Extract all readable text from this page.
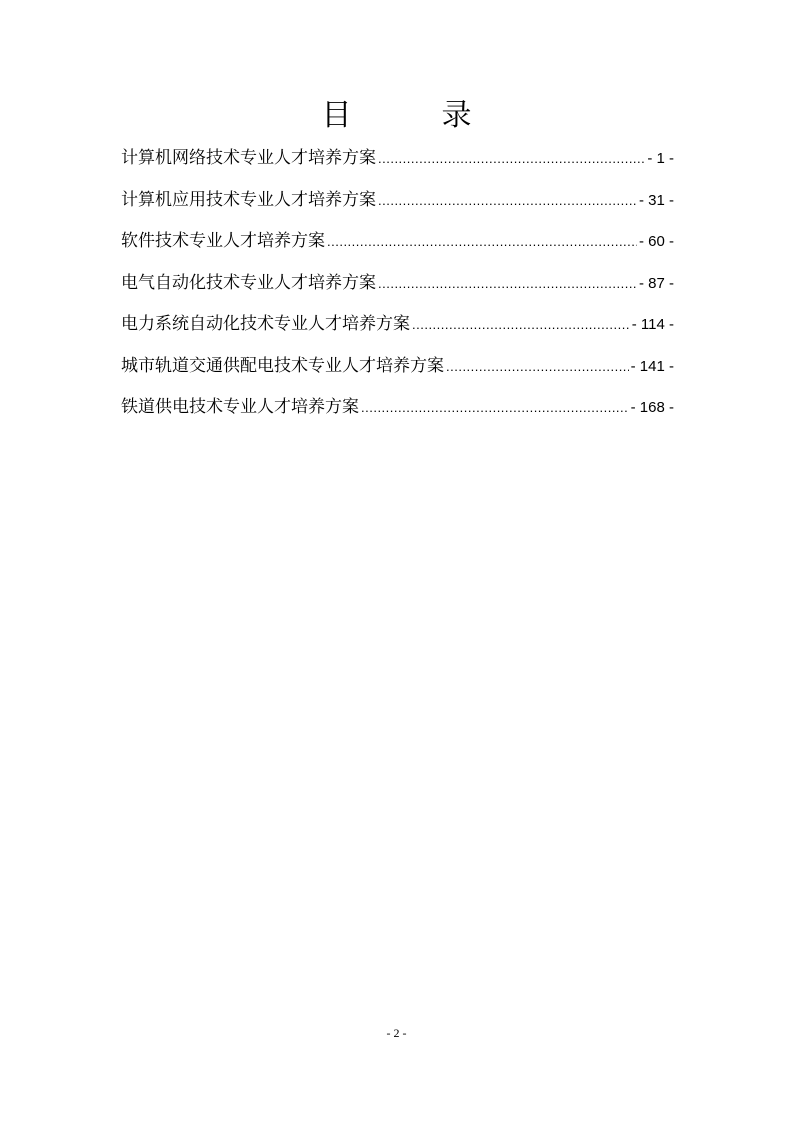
目　录
计算机网络技术专业人才培养方案 .....	- 1 -
计算机应用技术专业人才培养方案 .....	- 31 -
软件技术专业人才培养方案 .....	- 60 -
电气自动化技术专业人才培养方案 .....	- 87 -
电力系统自动化技术专业人才培养方案 .....	- 114 -
城市轨道交通供配电技术专业人才培养方案 .....	- 141 -
铁道供电技术专业人才培养方案 .....	- 168 -
- 2 -
